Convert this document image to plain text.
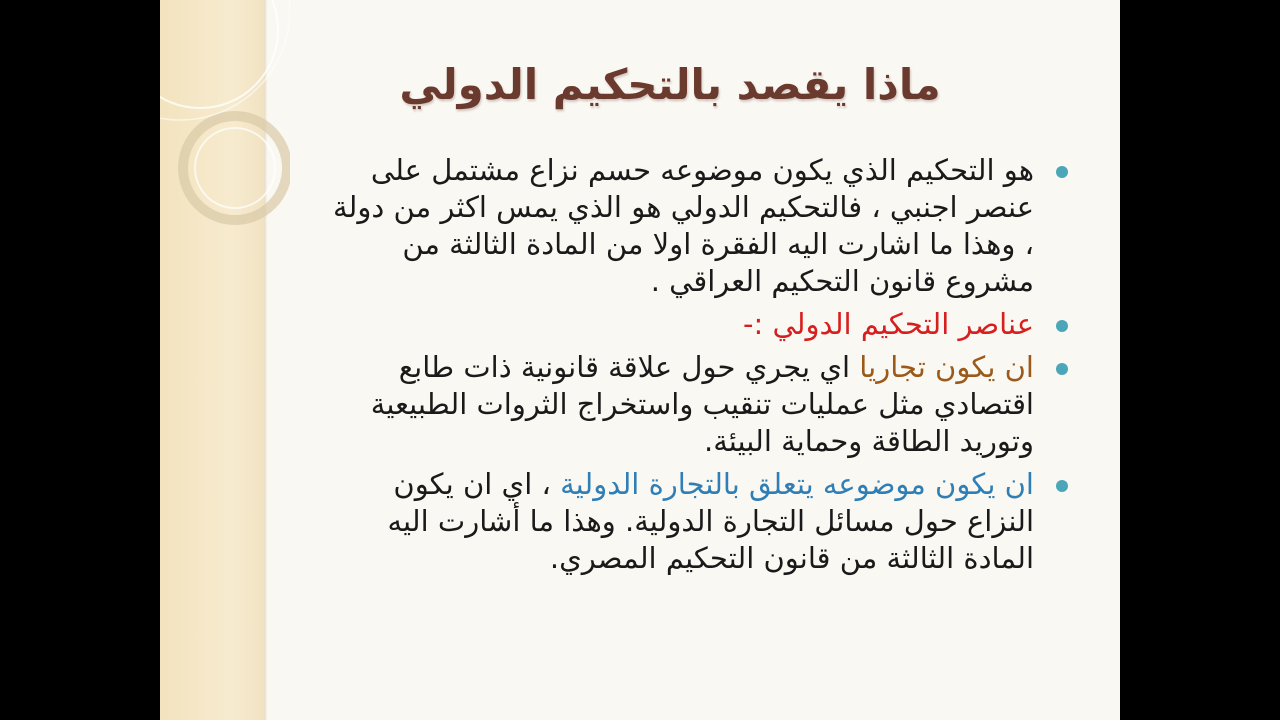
ماذا يقصد بالتحكيم الدولي
هو التحكيم الذي يكون موضوعه حسم نزاع مشتمل على عنصر اجنبي ، فالتحكيم الدولي هو الذي يمس اكثر من دولة ، وهذا ما اشارت اليه الفقرة اولا من المادة الثالثة من مشروع قانون التحكيم العراقي .
عناصر التحكيم الدولي :-
ان يكون تجاريا اي يجري حول علاقة قانونية ذات طابع اقتصادي مثل عمليات تنقيب واستخراج الثروات الطبيعية وتوريد الطاقة وحماية البيئة.
ان يكون موضوعه يتعلق بالتجارة الدولية ، اي ان يكون النزاع حول مسائل التجارة الدولية. وهذا ما أشارت اليه المادة الثالثة من قانون التحكيم المصري.
